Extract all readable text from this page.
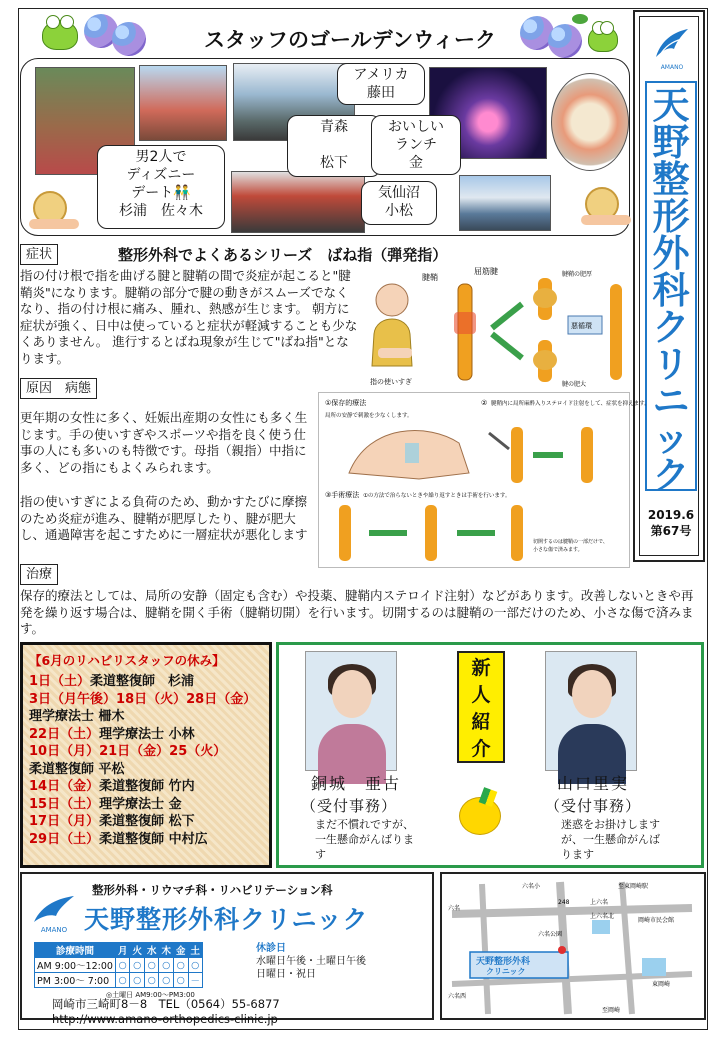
AMANO
天
野
整
形
外
科
ク
リ
ニ
ッ
ク
2019.6
第67号
スタッフのゴールデンウィーク
男2人で
ディズニー
デート👬
杉浦　佐々木
青森

松下
アメリカ
藤田
おいしい
ランチ
金
気仙沼
小松
症状	整形外科でよくあるシリーズ　ばね指（弾発指）
指の付け根で指を曲げる腱と腱鞘の間で炎症が起こると"腱鞘炎"になります。腱鞘の部分で腱の動きがスムーズでなくなり、指の付け根に痛み、腫れ、熱感が生じます。 朝方に症状が強く、日中は使っていると症状が軽減することも少なくありません。 進行するとばね現象が生じて"ばね指"となります。
指の使いすぎ
腱鞘
屈筋腱
悪循環
腱鞘の肥厚
腱の肥大
原因　病態
更年期の女性に多く、妊娠出産期の女性にも多く生じます。手の使いすぎやスポーツや指を良く使う仕事の人にも多いのも特徴です。母指（親指）中指に多く、どの指にもよくみられます。
指の使いすぎによる負荷のため、動かすたびに摩擦のため炎症が進み、腱鞘が肥厚したり、腱が肥大し、通過障害を起こすために一層症状が悪化します
①保存的療法
局所の安静で刺激を少なくします。
② 腱鞘内に局所麻酔入りステロイド注射をして、症状を抑えます。
③手術療法 ①の方法で治らないときや繰り返すときは手術を行います。
切開するのは腱鞘の一部だけで、
小さな傷で済みます。
治療
保存的療法としては、局所の安静（固定も含む）や投薬、腱鞘内ステロイド注射）などがあります。改善しないときや再発を繰り返す場合は、腱鞘を開く手術（腱鞘切開）を行います。切開するのは腱鞘の一部だけのため、小さな傷で済みます。
【6月のリハビリスタッフの休み】
1日（土）柔道整復師　杉浦
3日（月午後）18日（火）28日（金）
理学療法士 柵木
22日（土）理学療法士 小林
10日（月）21日（金）25（火）
柔道整復師 平松
14日（金）柔道整復師 竹内
15日（土）理学療法士 金
17日（月）柔道整復師 松下
29日（土）柔道整復師 中村広
新
人
紹
介
銅城　亜古
（受付事務）
まだ不慣れですが、一生懸命がんばります
山口里実
（受付事務）
迷惑をお掛けしますが、一生懸命がんばります
整形外科・リウマチ科・リハビリテーション科
AMANO 天野整形外科クリニック
診療時間	月	火	水	木	金	土
AM 9:00～12:00	○	○	○	○	○	○
PM 3:00～ 7:00	○	○	○	○	○	－
◎土曜日 AM9:00～PM3:00
休診日
水曜日午後・土曜日午後
日曜日・祝日
岡崎市三崎町8－8　TEL（0564）55-6877
http://www.amano-orthopedics-clinic.jp
天野整形外科
クリニック
六名小	至東岡崎駅
六名
六名公園
上六名
上六名北
岡崎市民会館
東岡崎
至岡崎
248
六名西
